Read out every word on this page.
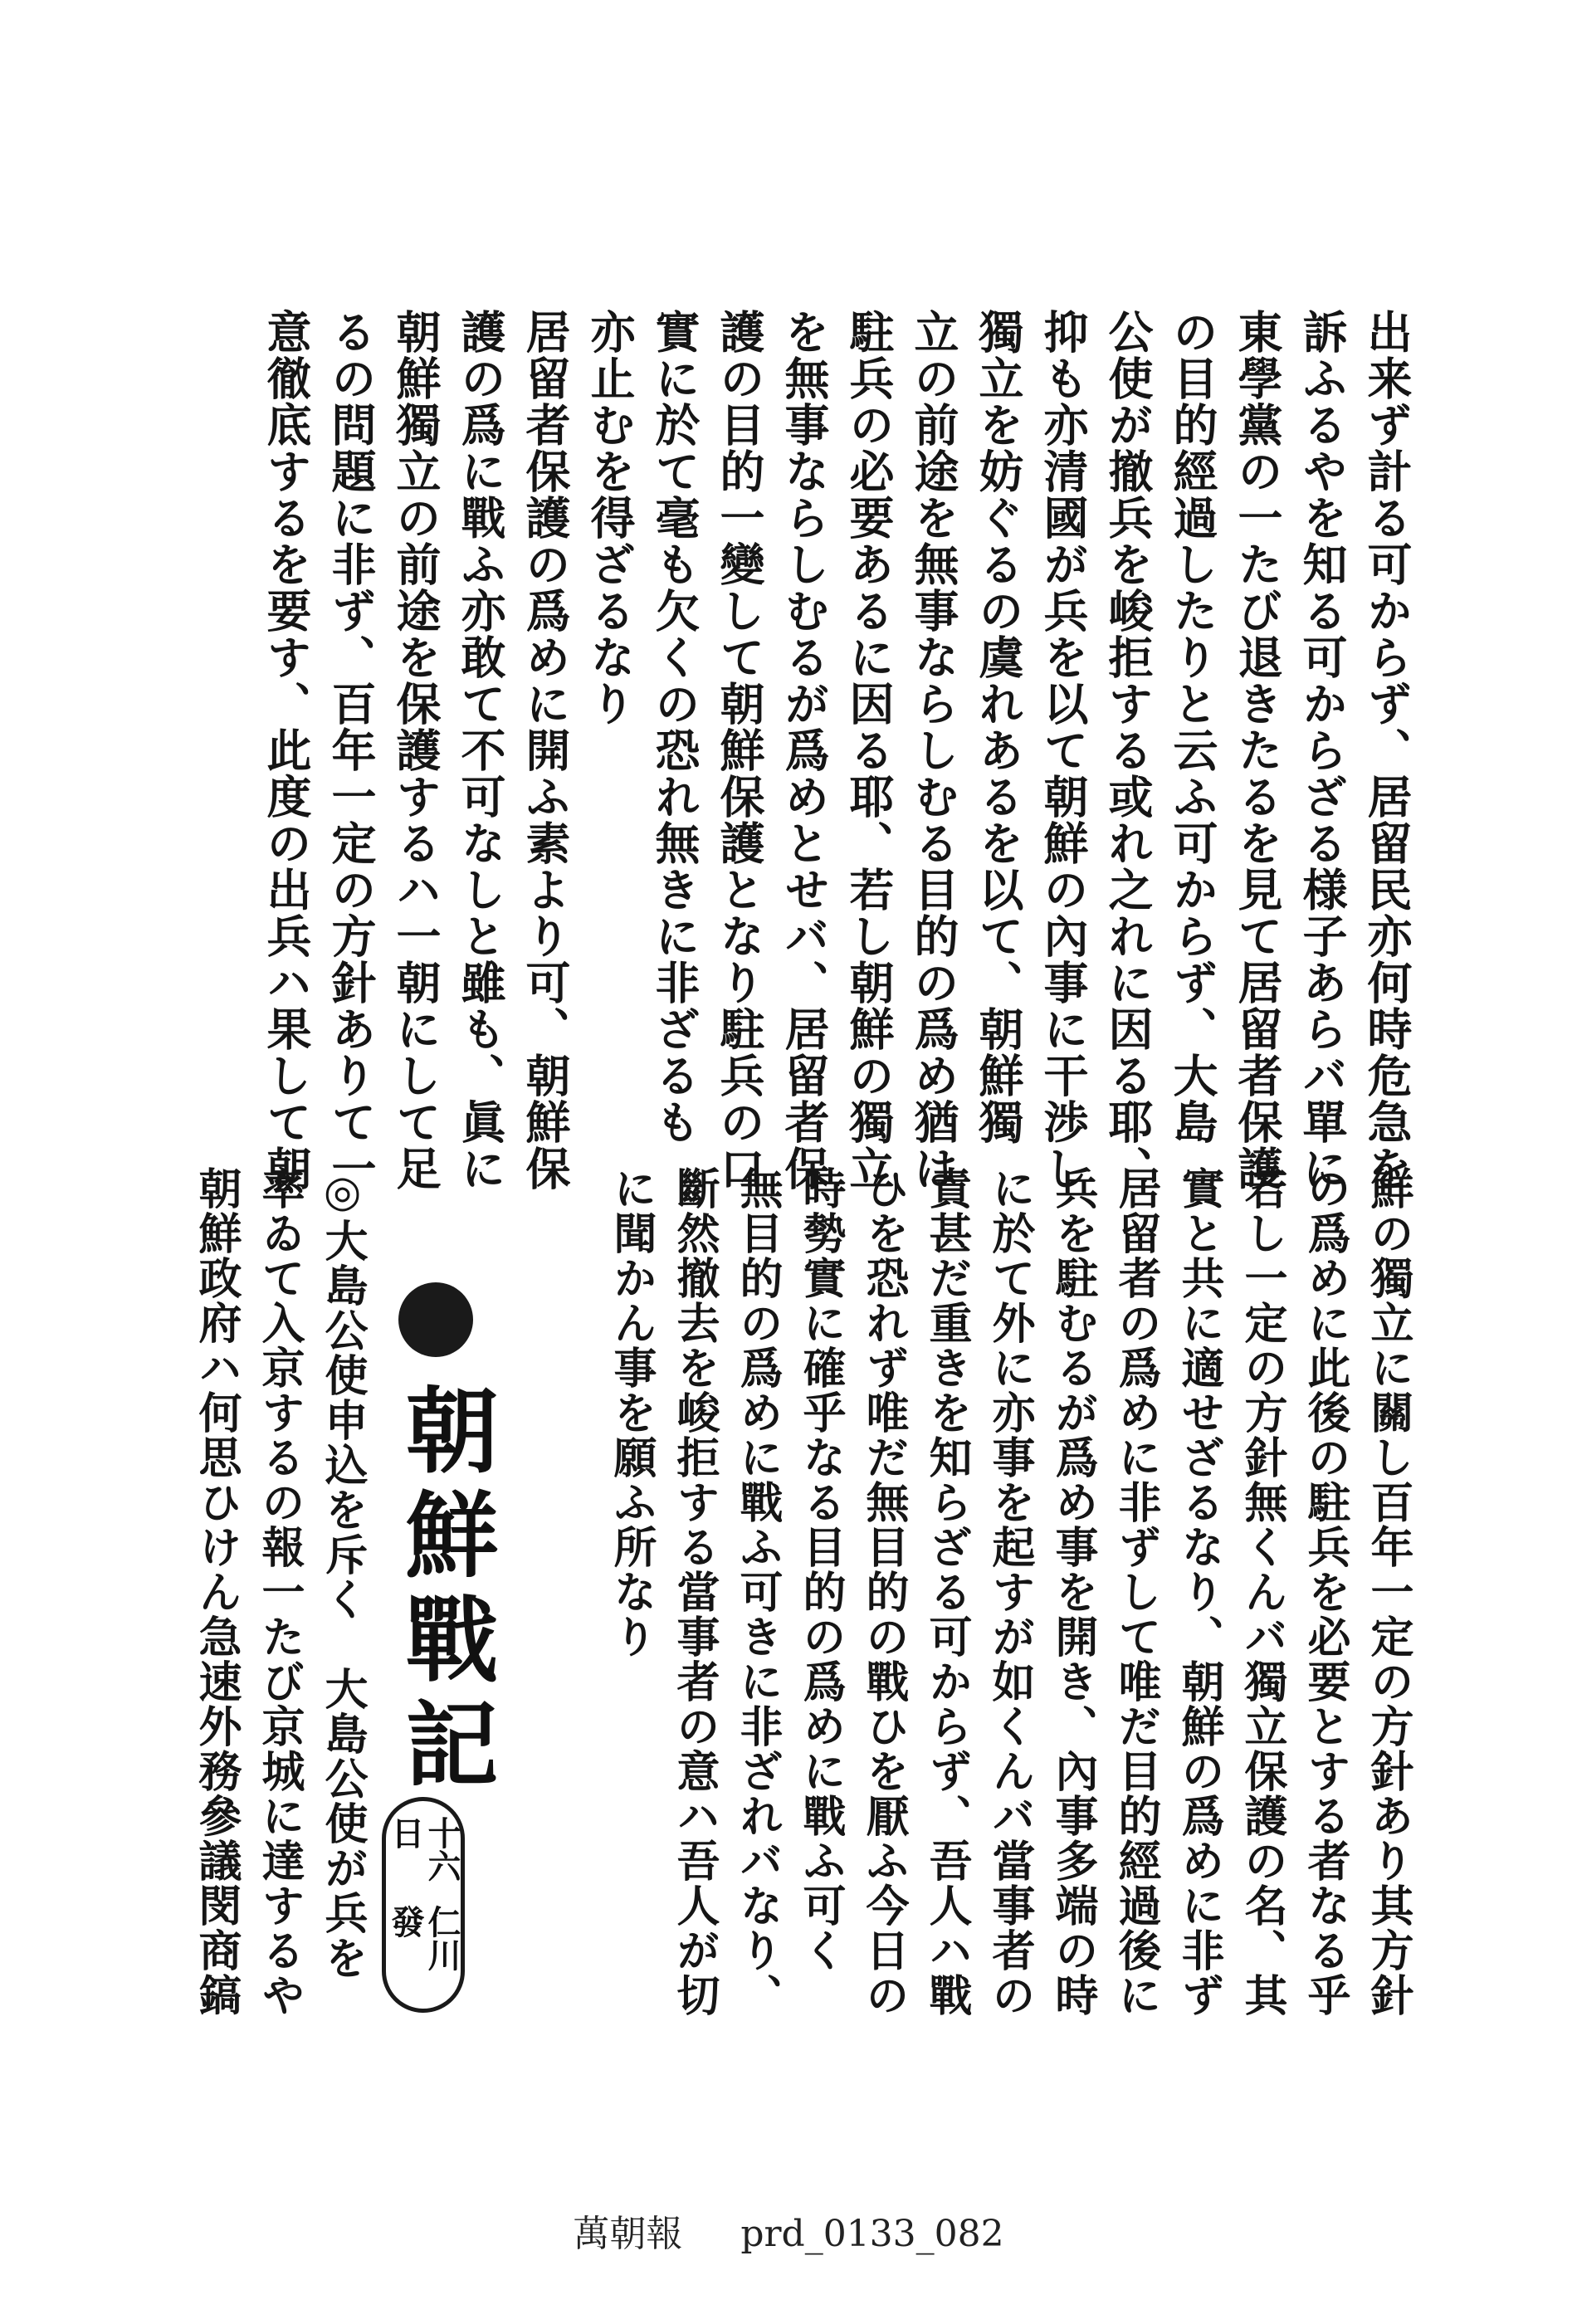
出来ず計る可からず、居留民亦何時危急を
訴ふるやを知る可からざる様子あらバ單に
東學黨の一たび退きたるを見て居留者保護
の目的經過したりと云ふ可からず、大島
公使が撤兵を峻拒する或れ之れに因る耶、
抑も亦清國が兵を以て朝鮮の內事に干渉し
獨立を妨ぐるの虞れあるを以て、朝鮮獨
立の前途を無事ならしむる目的の爲め猶は
駐兵の必要あるに因る耶、若し朝鮮の獨立
を無事ならしむるが爲めとせバ、居留者保
護の目的一變して朝鮮保護となり駐兵の口
實に於て毫も欠くの恐れ無きに非ざるも
亦止むを得ざるなり
居留者保護の爲めに開ふ素より可、朝鮮保
護の爲に戰ふ亦敢て不可なしと雖も、眞に
朝鮮獨立の前途を保護するハ一朝にして足
るの問題に非ず、百年一定の方針ありて一
意徹底するを要す、此度の出兵ハ果して朝
鮮の獨立に關し百年一定の方針あり其方針
の爲めに此後の駐兵を必要とする者なる乎
若し一定の方針無くんバ獨立保護の名、其
實と共に適せざるなり、朝鮮の爲めに非ず
居留者の爲めに非ずして唯だ目的經過後に
兵を駐むるが爲め事を開き、內事多端の時
に於て外に亦事を起すが如くんバ當事者の
責甚だ重きを知らざる可からず、吾人ハ戰
ひを恐れず唯だ無目的の戰ひを厭ふ今日の
時勢實に確乎なる目的の爲めに戰ふ可く
無目的の爲めに戰ふ可きに非ざれバなり、
斷然撤去を峻拒する當事者の意ハ吾人が切
に聞かん事を願ふ所なり
朝鮮戰記
十六日
仁川發
◎大島公使申込を斥く　大島公使が兵を
率ゐて入京するの報一たび京城に達するや
朝鮮政府ハ何思ひけん急速外務參議閔商鎬
萬朝報 prd_0133_082
